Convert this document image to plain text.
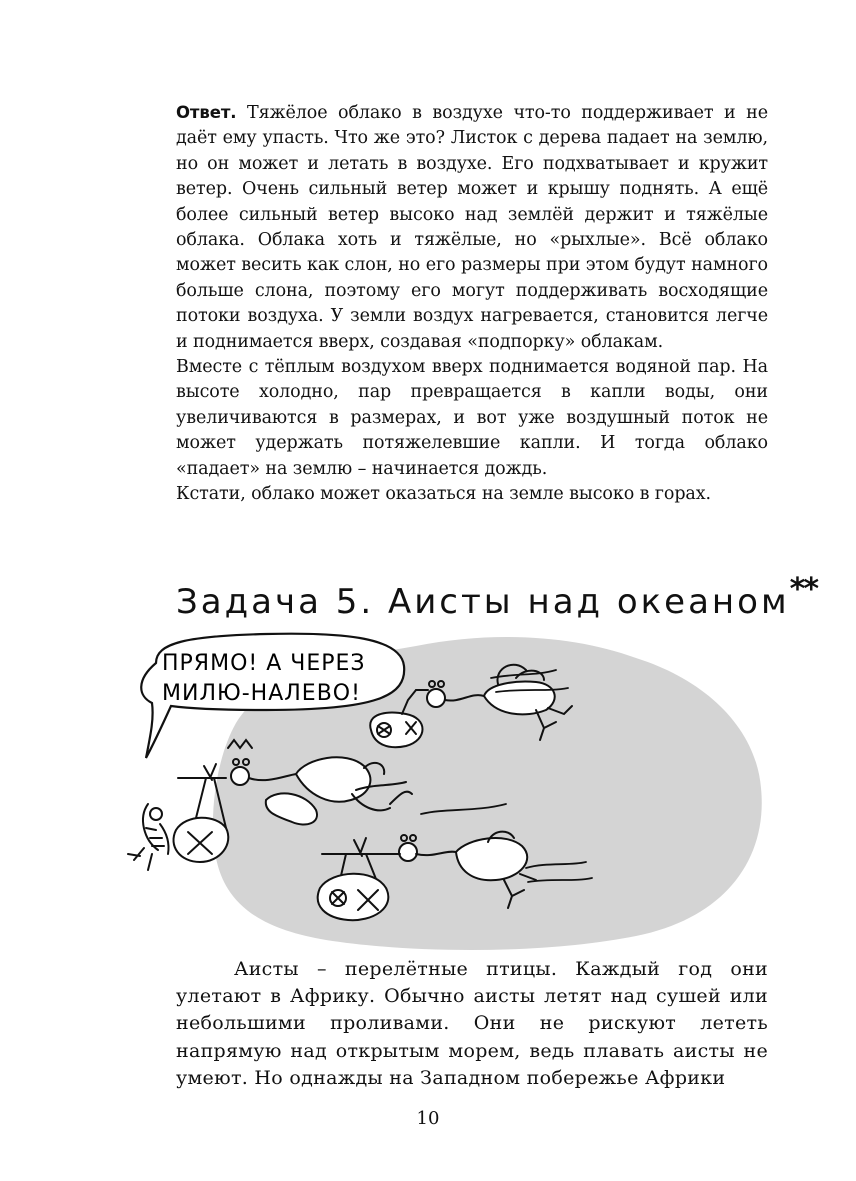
Ответ. Тяжёлое облако в воздухе что-то поддерживает и не даёт ему упасть. Что же это? Листок с дерева падает на землю, но он может и летать в воздухе. Его подхватывает и кружит ветер. Очень сильный ветер может и крышу поднять. А ещё более сильный ветер высоко над землёй держит и тяжёлые облака. Облака хоть и тяжёлые, но «рыхлые». Всё облако может весить как слон, но его размеры при этом будут намного больше слона, поэтому его могут поддерживать восходящие потоки воздуха. У земли воздух нагревается, становится легче и поднимается вверх, создавая «подпорку» облакам.

Вместе с тёплым воздухом вверх поднимается водяной пар. На высоте холодно, пар превращается в капли воды, они увеличиваются в размерах, и вот уже воздушный поток не может удержать потяжелевшие капли. И тогда облако «падает» на землю – начинается дождь.

Кстати, облако может оказаться на земле высоко в горах.

Задача 5. Аисты над океаном**
ПРЯМО! А ЧЕРЕЗ
МИЛЮ-НАЛЕВО!

Аисты – перелётные птицы. Каждый год они улетают в Африку. Обычно аисты летят над сушей или небольшими проливами. Они не рискуют лететь напрямую над открытым морем, ведь плавать аисты не умеют. Но однажды на Западном побережье Африки

10
